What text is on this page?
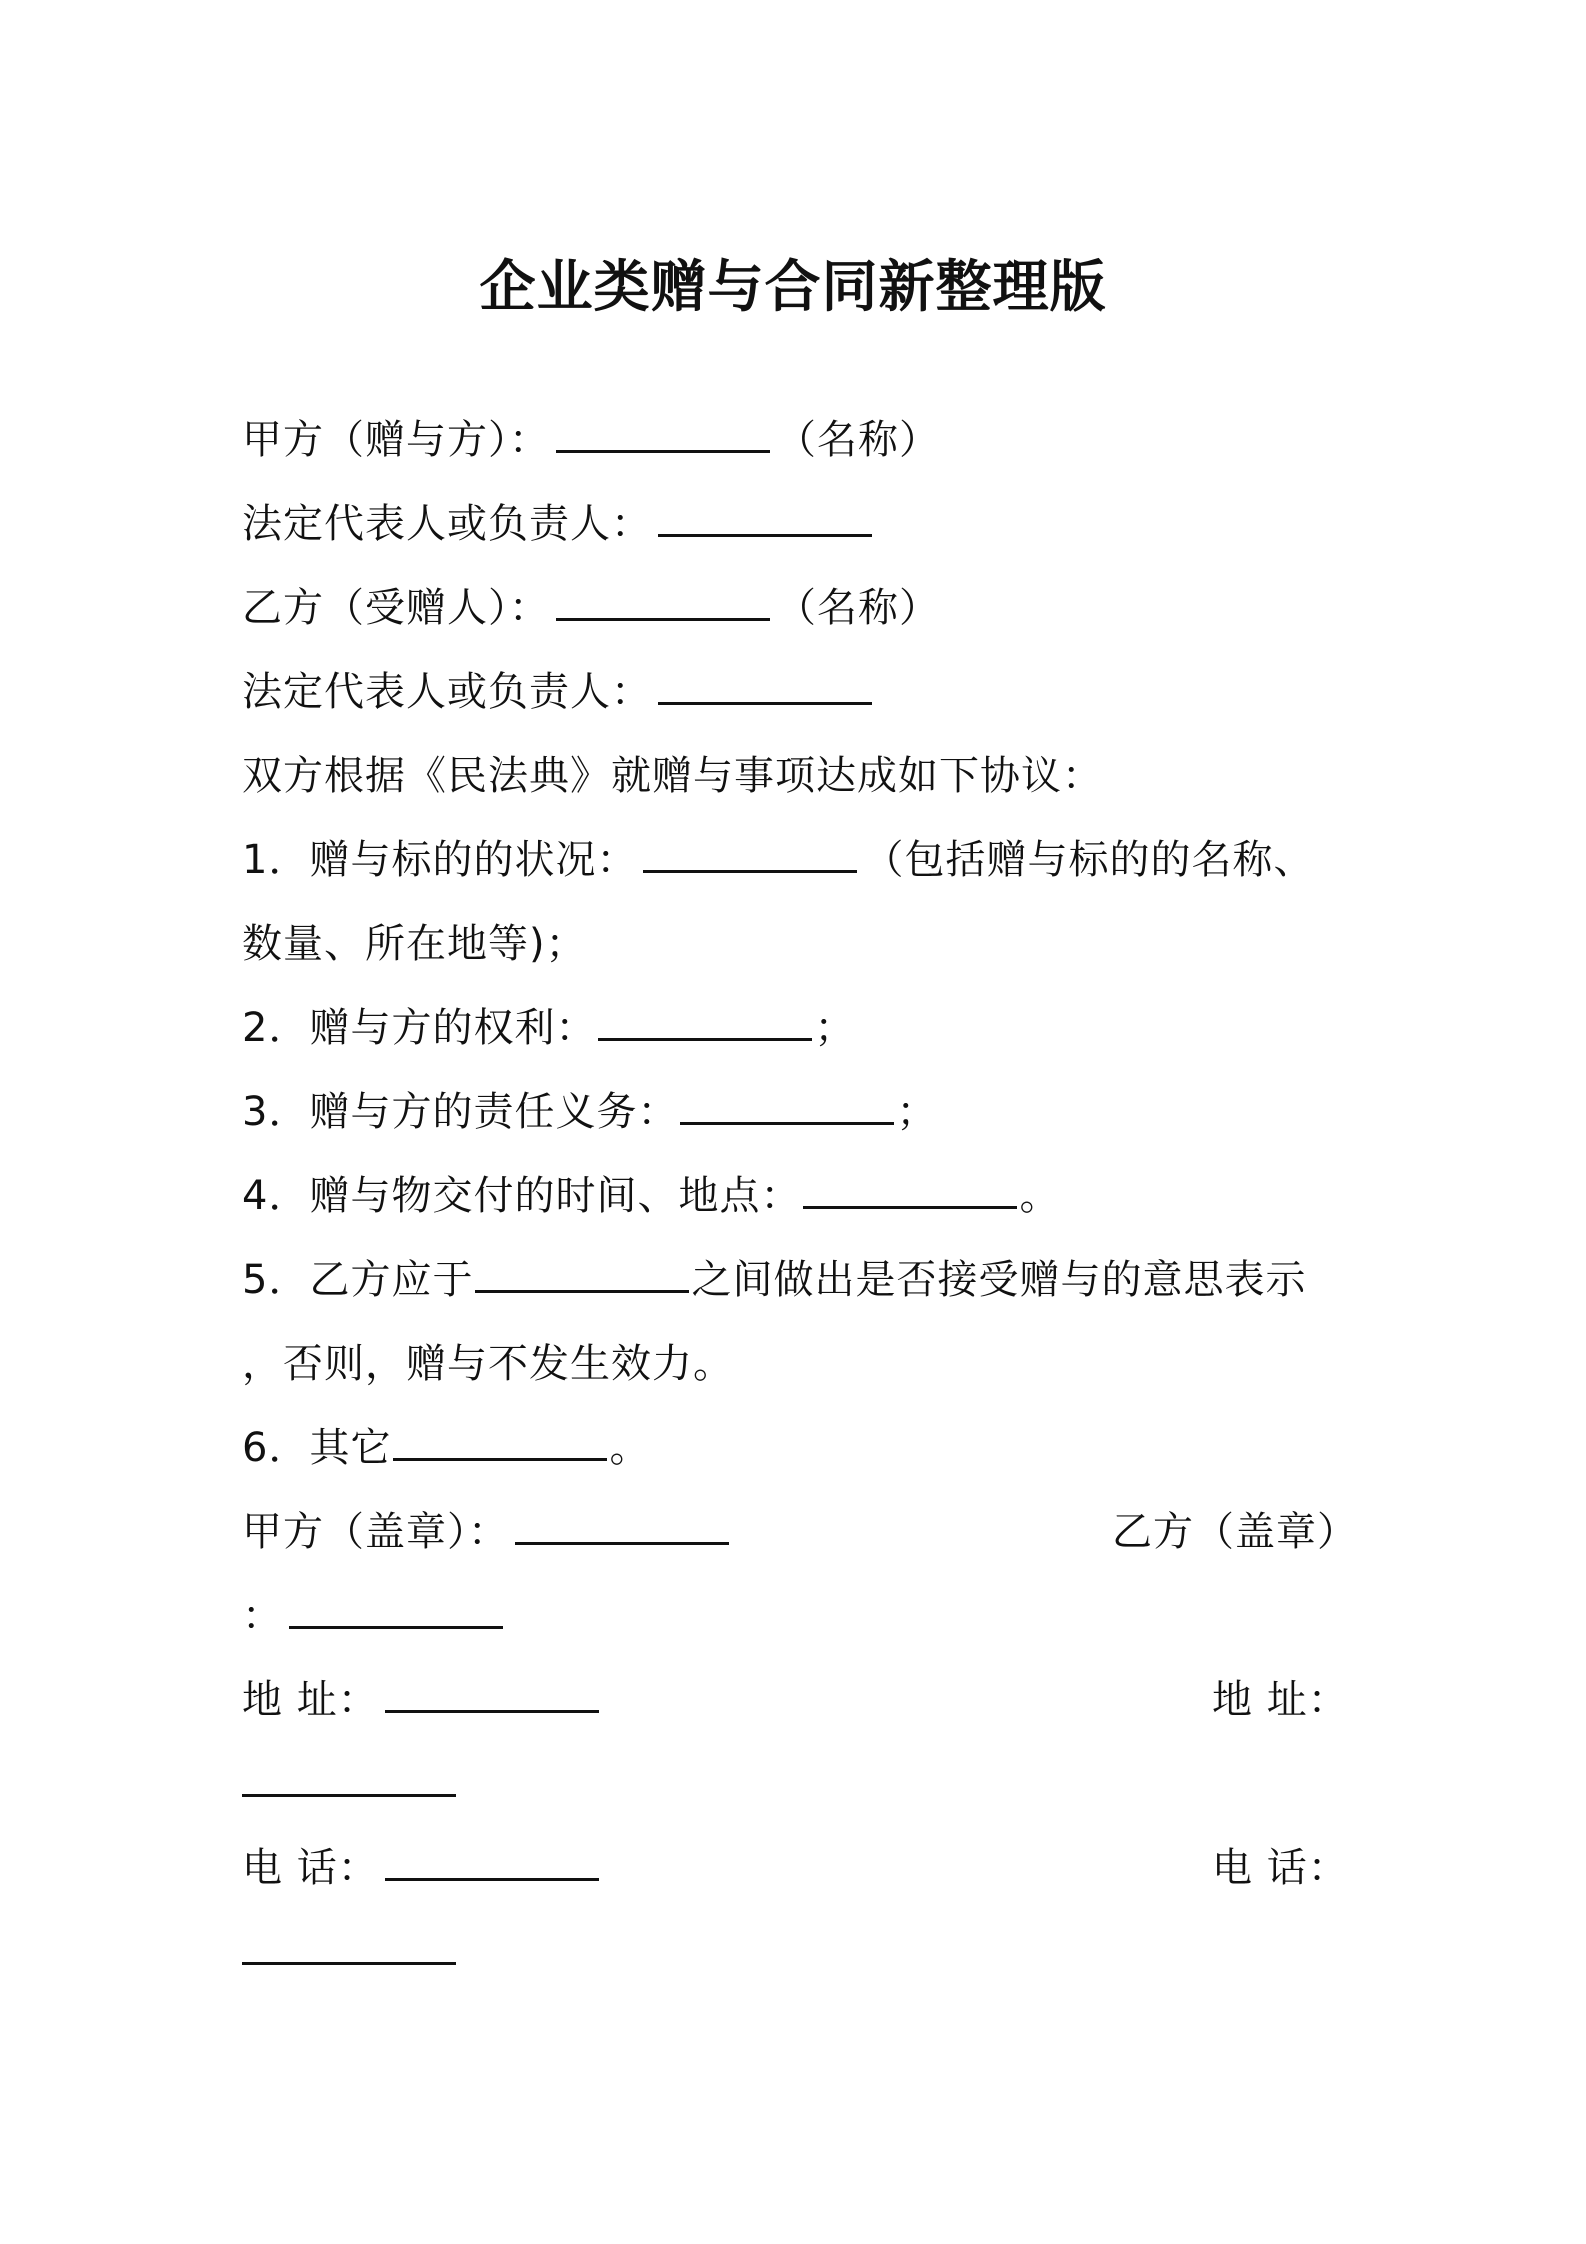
企业类赠与合同新整理版
甲方（赠与方）：	（名称）
法定代表人或负责人：
乙方（受赠人）：	（名称）
法定代表人或负责人：
双方根据《民法典》就赠与事项达成如下协议：
1．赠与标的的状况：	（包括赠与标的的名称、
数量、所在地等)；
2．赠与方的权利：	；
3．赠与方的责任义务：	；
4．赠与物交付的时间、地点：	。
5．乙方应于	之间做出是否接受赠与的意思表示
，否则，赠与不发生效力。
6．其它	。
甲方（盖章）：	乙方（盖章）
：
地 址：	地 址：
电 话：	电 话：
